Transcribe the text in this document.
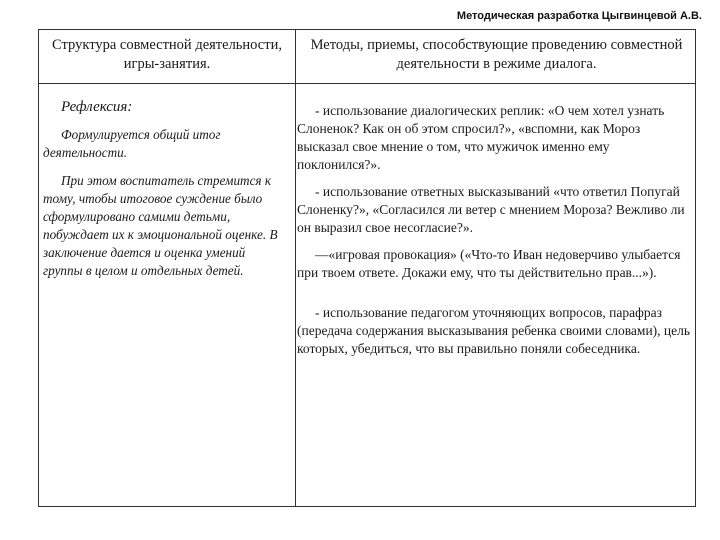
Методическая разработка Цыгвинцевой А.В.
Структура совместной деятельности, игры-занятия.
Методы, приемы, способствующие проведению совместной деятельности в режиме диалога.

Рефлексия:

Формулируется общий итог деятельности.

При этом воспитатель стремится к тому, чтобы итоговое суждение было сформулировано самими детьми, побуждает их к эмоциональной оценке. В заключение дается и оценка умений группы в целом и отдельных детей.

- использование диалогических реплик: «О чем хотел узнать Слоненок? Как он об этом спросил?», «вспомни, как Мороз высказал свое мнение о том, что мужичок именно ему поклонился?».

- использование ответных высказываний «что ответил Попугай Слоненку?», «Согласился ли ветер с мнением Мороза? Вежливо ли он выразил свое несогласие?».

—«игровая провокация» («Что-то Иван недоверчиво улыбается при твоем ответе. Докажи ему, что ты действительно прав...»).

- использование педагогом уточняющих вопросов, парафраз (передача содержания высказывания ребенка своими словами), цель которых, убедиться, что вы правильно поняли собеседника.
